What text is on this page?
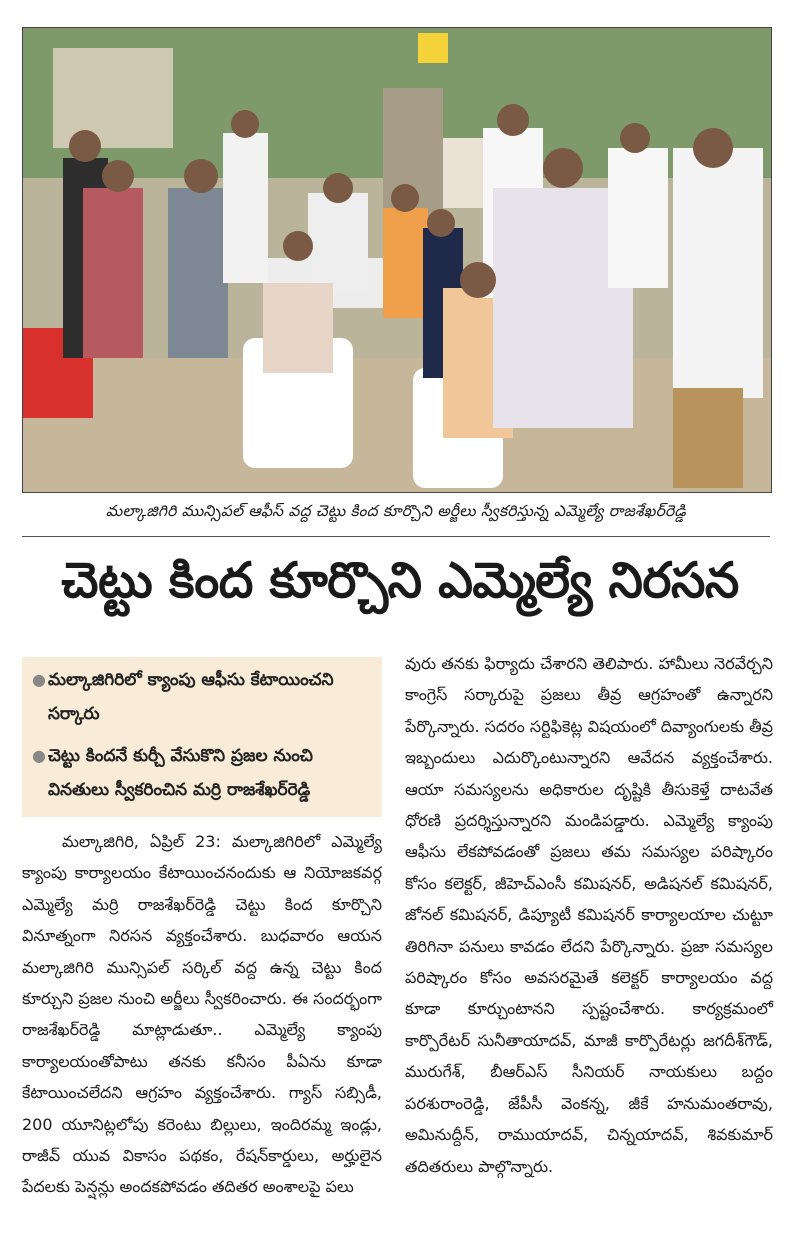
మల్కాజిగిరి మున్సిపల్ ఆఫీస్ వద్ద చెట్టు కింద కూర్చొని అర్జీలు స్వీకరిస్తున్న ఎమ్మెల్యే రాజశేఖర్‌రెడ్డి
చెట్టు కింద కూర్చొని ఎమ్మెల్యే నిరసన
● మల్కాజిగిరిలో క్యాంపు ఆఫీసు కేటాయించని సర్కారు
● చెట్టు కిందనే కుర్చీ వేసుకొని ప్రజల నుంచి వినతులు స్వీకరించిన మర్రి రాజశేఖర్‌రెడ్డి

మల్కాజిగిరి, ఏప్రిల్ 23: మల్కాజిగిరిలో ఎమ్మెల్యే క్యాంపు కార్యాలయం కేటాయించనందుకు ఆ నియోజకవర్గ ఎమ్మెల్యే మర్రి రాజశేఖర్‌రెడ్డి చెట్టు కింద కూర్చొని వినూత్నంగా నిరసన వ్యక్తంచేశారు. బుధవారం ఆయన మల్కాజిగిరి మున్సిపల్ సర్కిల్ వద్ద ఉన్న చెట్టు కింద కూర్చుని ప్రజల నుంచి అర్జీలు స్వీకరించారు. ఈ సందర్భంగా రాజశేఖర్‌రెడ్డి మాట్లాడుతూ.. ఎమ్మెల్యే క్యాంపు కార్యాలయంతోపాటు తనకు కనీసం పీఏను కూడా కేటాయించలేదని ఆగ్రహం వ్యక్తంచేశారు. గ్యాస్ సబ్సిడీ, 200 యూనిట్లలోపు కరెంటు బిల్లులు, ఇందిరమ్మ ఇండ్లు, రాజీవ్ యువ వికాసం పథకం, రేషన్‌కార్డులు, అర్హులైన పేదలకు పెన్షన్లు అందకపోవడం తదితర అంశాలపై పలు

వురు తనకు ఫిర్యాదు చేశారని తెలిపారు. హామీలు నెరవేర్చని కాంగ్రెస్ సర్కారుపై ప్రజలు తీవ్ర ఆగ్రహంతో ఉన్నారని పేర్కొన్నారు. సదరం సర్టిఫికెట్ల విషయంలో దివ్యాంగులకు తీవ్ర ఇబ్బందులు ఎదుర్కొంటున్నారని ఆవేదన వ్యక్తంచేశారు. ఆయా సమస్యలను అధికారుల దృష్టికి తీసుకెళ్తే దాటవేత ధోరణి ప్రదర్శిస్తున్నారని మండిపడ్డారు. ఎమ్మెల్యే క్యాంపు ఆఫీసు లేకపోవడంతో ప్రజలు తమ సమస్యల పరిష్కారం కోసం కలెక్టర్, జీహెచ్‌ఎంసీ కమిషనర్, అడిషనల్ కమిషనర్, జోనల్ కమిషనర్, డిప్యూటీ కమిషనర్ కార్యాలయాల చుట్టూ తిరిగినా పనులు కావడం లేదని పేర్కొన్నారు. ప్రజా సమస్యల పరిష్కారం కోసం అవసరమైతే కలెక్టర్ కార్యాలయం వద్ద కూడా కూర్చుంటానని స్పష్టంచేశారు. కార్యక్రమంలో కార్పొరేటర్ సునీతాయాదవ్, మాజీ కార్పొరేటర్లు జగదీశ్‌గౌడ్, మురుగేశ్, బీఆర్‌ఎస్ సీనియర్ నాయకులు బద్దం పరశురాంరెడ్డి, జేపీసీ వెంకన్న, జీకే హనుమంతరావు, అమినుద్దీన్, రాముయాదవ్, చిన్నయాదవ్, శివకుమార్ తదితరులు పాల్గొన్నారు.
